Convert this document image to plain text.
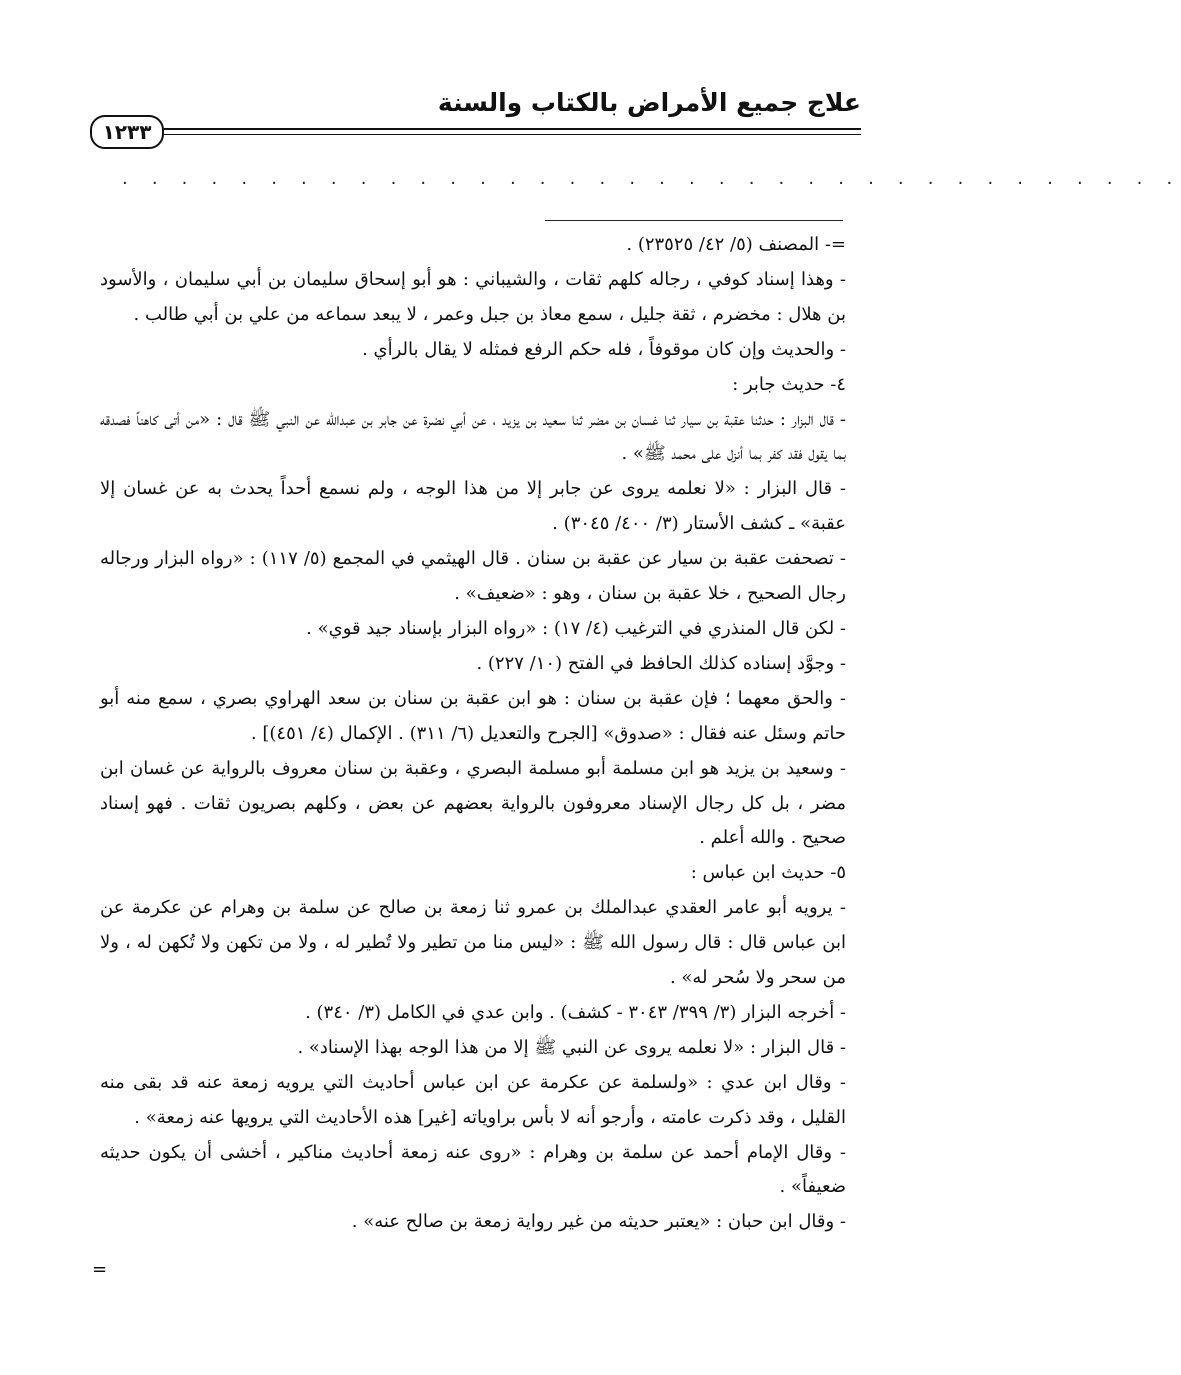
علاج جميع الأمراض بالكتاب والسنة
١٢٣٣
. . . . . . . . . . . . . . . . . . . . . . . . . . . . . . . . . . . .

=- المصنف (٥/ ٤٢/ ٢٣٥٢٥) .

- وهذا إسناد كوفي ، رجاله كلهم ثقات ، والشيباني : هو أبو إسحاق سليمان بن أبي سليمان ، والأسود بن هلال : مخضرم ، ثقة جليل ، سمع معاذ بن جبل وعمر ، لا يبعد سماعه من علي بن أبي طالب .

- والحديث وإن كان موقوفاً ، فله حكم الرفع فمثله لا يقال بالرأي .

٤- حديث جابر :

- قال البزار : حدثنا عقبة بن سيار ثنا غسان بن مضر ثنا سعيد بن يزيد ، عن أبي نضرة عن جابر بن عبدالله عن النبي ﷺ قال : «من أتى كاهناً فصدقه بما يقول فقد كفر بما أنزل على محمد ﷺ» .

- قال البزار : «لا نعلمه يروى عن جابر إلا من هذا الوجه ، ولم نسمع أحداً يحدث به عن غسان إلا عقبة» ـ كشف الأستار (٣/ ٤٠٠/ ٣٠٤٥) .

- تصحفت عقبة بن سيار عن عقبة بن سنان . قال الهيثمي في المجمع (٥/ ١١٧) : «رواه البزار ورجاله رجال الصحيح ، خلا عقبة بن سنان ، وهو : «ضعيف» .

- لكن قال المنذري في الترغيب (٤/ ١٧) : «رواه البزار بإسناد جيد قوي» .

- وجوَّد إسناده كذلك الحافظ في الفتح (١٠/ ٢٢٧) .

- والحق معهما ؛ فإن عقبة بن سنان : هو ابن عقبة بن سنان بن سعد الهراوي بصري ، سمع منه أبو حاتم وسئل عنه فقال : «صدوق» [الجرح والتعديل (٦/ ٣١١) . الإكمال (٤/ ٤٥١)] .

- وسعيد بن يزيد هو ابن مسلمة أبو مسلمة البصري ، وعقبة بن سنان معروف بالرواية عن غسان ابن مضر ، بل كل رجال الإسناد معروفون بالرواية بعضهم عن بعض ، وكلهم بصريون ثقات . فهو إسناد صحيح . والله أعلم .

٥- حديث ابن عباس :

- يرويه أبو عامر العقدي عبدالملك بن عمرو ثنا زمعة بن صالح عن سلمة بن وهرام عن عكرمة عن ابن عباس قال : قال رسول الله ﷺ : «ليس منا من تطير ولا تُطير له ، ولا من تكهن ولا تُكهن له ، ولا من سحر ولا سُحر له» .

- أخرجه البزار (٣/ ٣٩٩/ ٣٠٤٣ - كشف) . وابن عدي في الكامل (٣/ ٣٤٠) .

- قال البزار : «لا نعلمه يروى عن النبي ﷺ إلا من هذا الوجه بهذا الإسناد» .

- وقال ابن عدي : «ولسلمة عن عكرمة عن ابن عباس أحاديث التي يرويه زمعة عنه قد بقى منه القليل ، وقد ذكرت عامته ، وأرجو أنه لا بأس براوياته [غير] هذه الأحاديث التي يرويها عنه زمعة» .

- وقال الإمام أحمد عن سلمة بن وهرام : «روى عنه زمعة أحاديث مناكير ، أخشى أن يكون حديثه ضعيفاً» .

- وقال ابن حبان : «يعتبر حديثه من غير رواية زمعة بن صالح عنه» .

=
